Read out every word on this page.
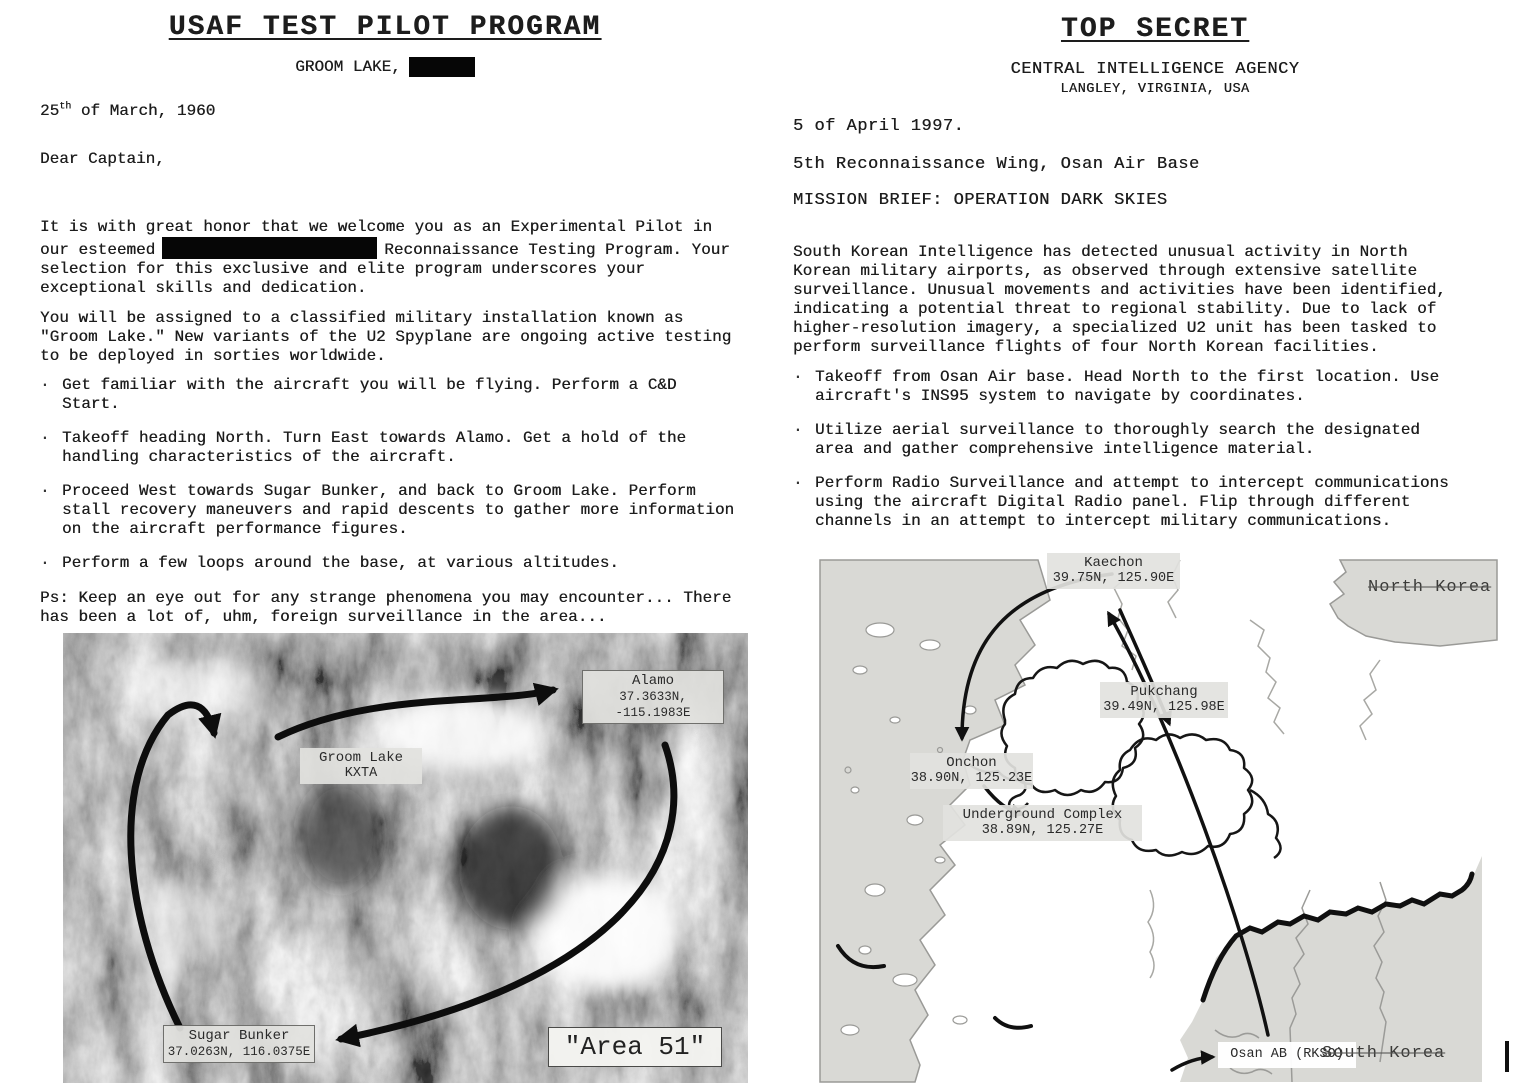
USAF TEST PILOT PROGRAM
GROOM LAKE,
25th of March, 1960
Dear Captain,
It is with great honor that we welcome you as an Experimental Pilot in our esteemed	Reconnaissance Testing Program. Your selection for this exclusive and elite program underscores your exceptional skills and dedication.
You will be assigned to a classified military installation known as "Groom Lake." New variants of the U2 Spyplane are ongoing active testing to be deployed in sorties worldwide.
· Get familiar with the aircraft you will be flying. Perform a C&D Start.
· Takeoff heading North. Turn East towards Alamo. Get a hold of the handling characteristics of the aircraft.
· Proceed West towards Sugar Bunker, and back to Groom Lake. Perform stall recovery maneuvers and rapid descents to gather more information on the aircraft performance figures.
· Perform a few loops around the base, at various altitudes.
Ps: Keep an eye out for any strange phenomena you may encounter... There has been a lot of, uhm, foreign surveillance in the area...
Alamo
37.3633N, -115.1983E
Groom Lake
KXTA
Sugar Bunker
37.0263N, 116.0375E	"Area 51"
TOP SECRET
CENTRAL INTELLIGENCE AGENCY
LANGLEY, VIRGINIA, USA
5 of April 1997.
5th Reconnaissance Wing, Osan Air Base
MISSION BRIEF: OPERATION DARK SKIES
South Korean Intelligence has detected unusual activity in North Korean military airports, as observed through extensive satellite surveillance. Unusual movements and activities have been identified, indicating a potential threat to regional stability. Due to lack of higher-resolution imagery, a specialized U2 unit has been tasked to perform surveillance flights of four North Korean facilities.
· Takeoff from Osan Air base. Head North to the first location. Use aircraft's INS95 system to navigate by coordinates.
· Utilize aerial surveillance to thoroughly search the designated area and gather comprehensive intelligence material.
· Perform Radio Surveillance and attempt to intercept communications using the aircraft Digital Radio panel. Flip through different channels in an attempt to intercept military communications.
Kaechon
39.75N, 125.90E
Pukchang
39.49N, 125.98E
Onchon
38.90N, 125.23E
Underground Complex
38.89N, 125.27E
Osan AB (RKSO)
North Korea
South Korea
